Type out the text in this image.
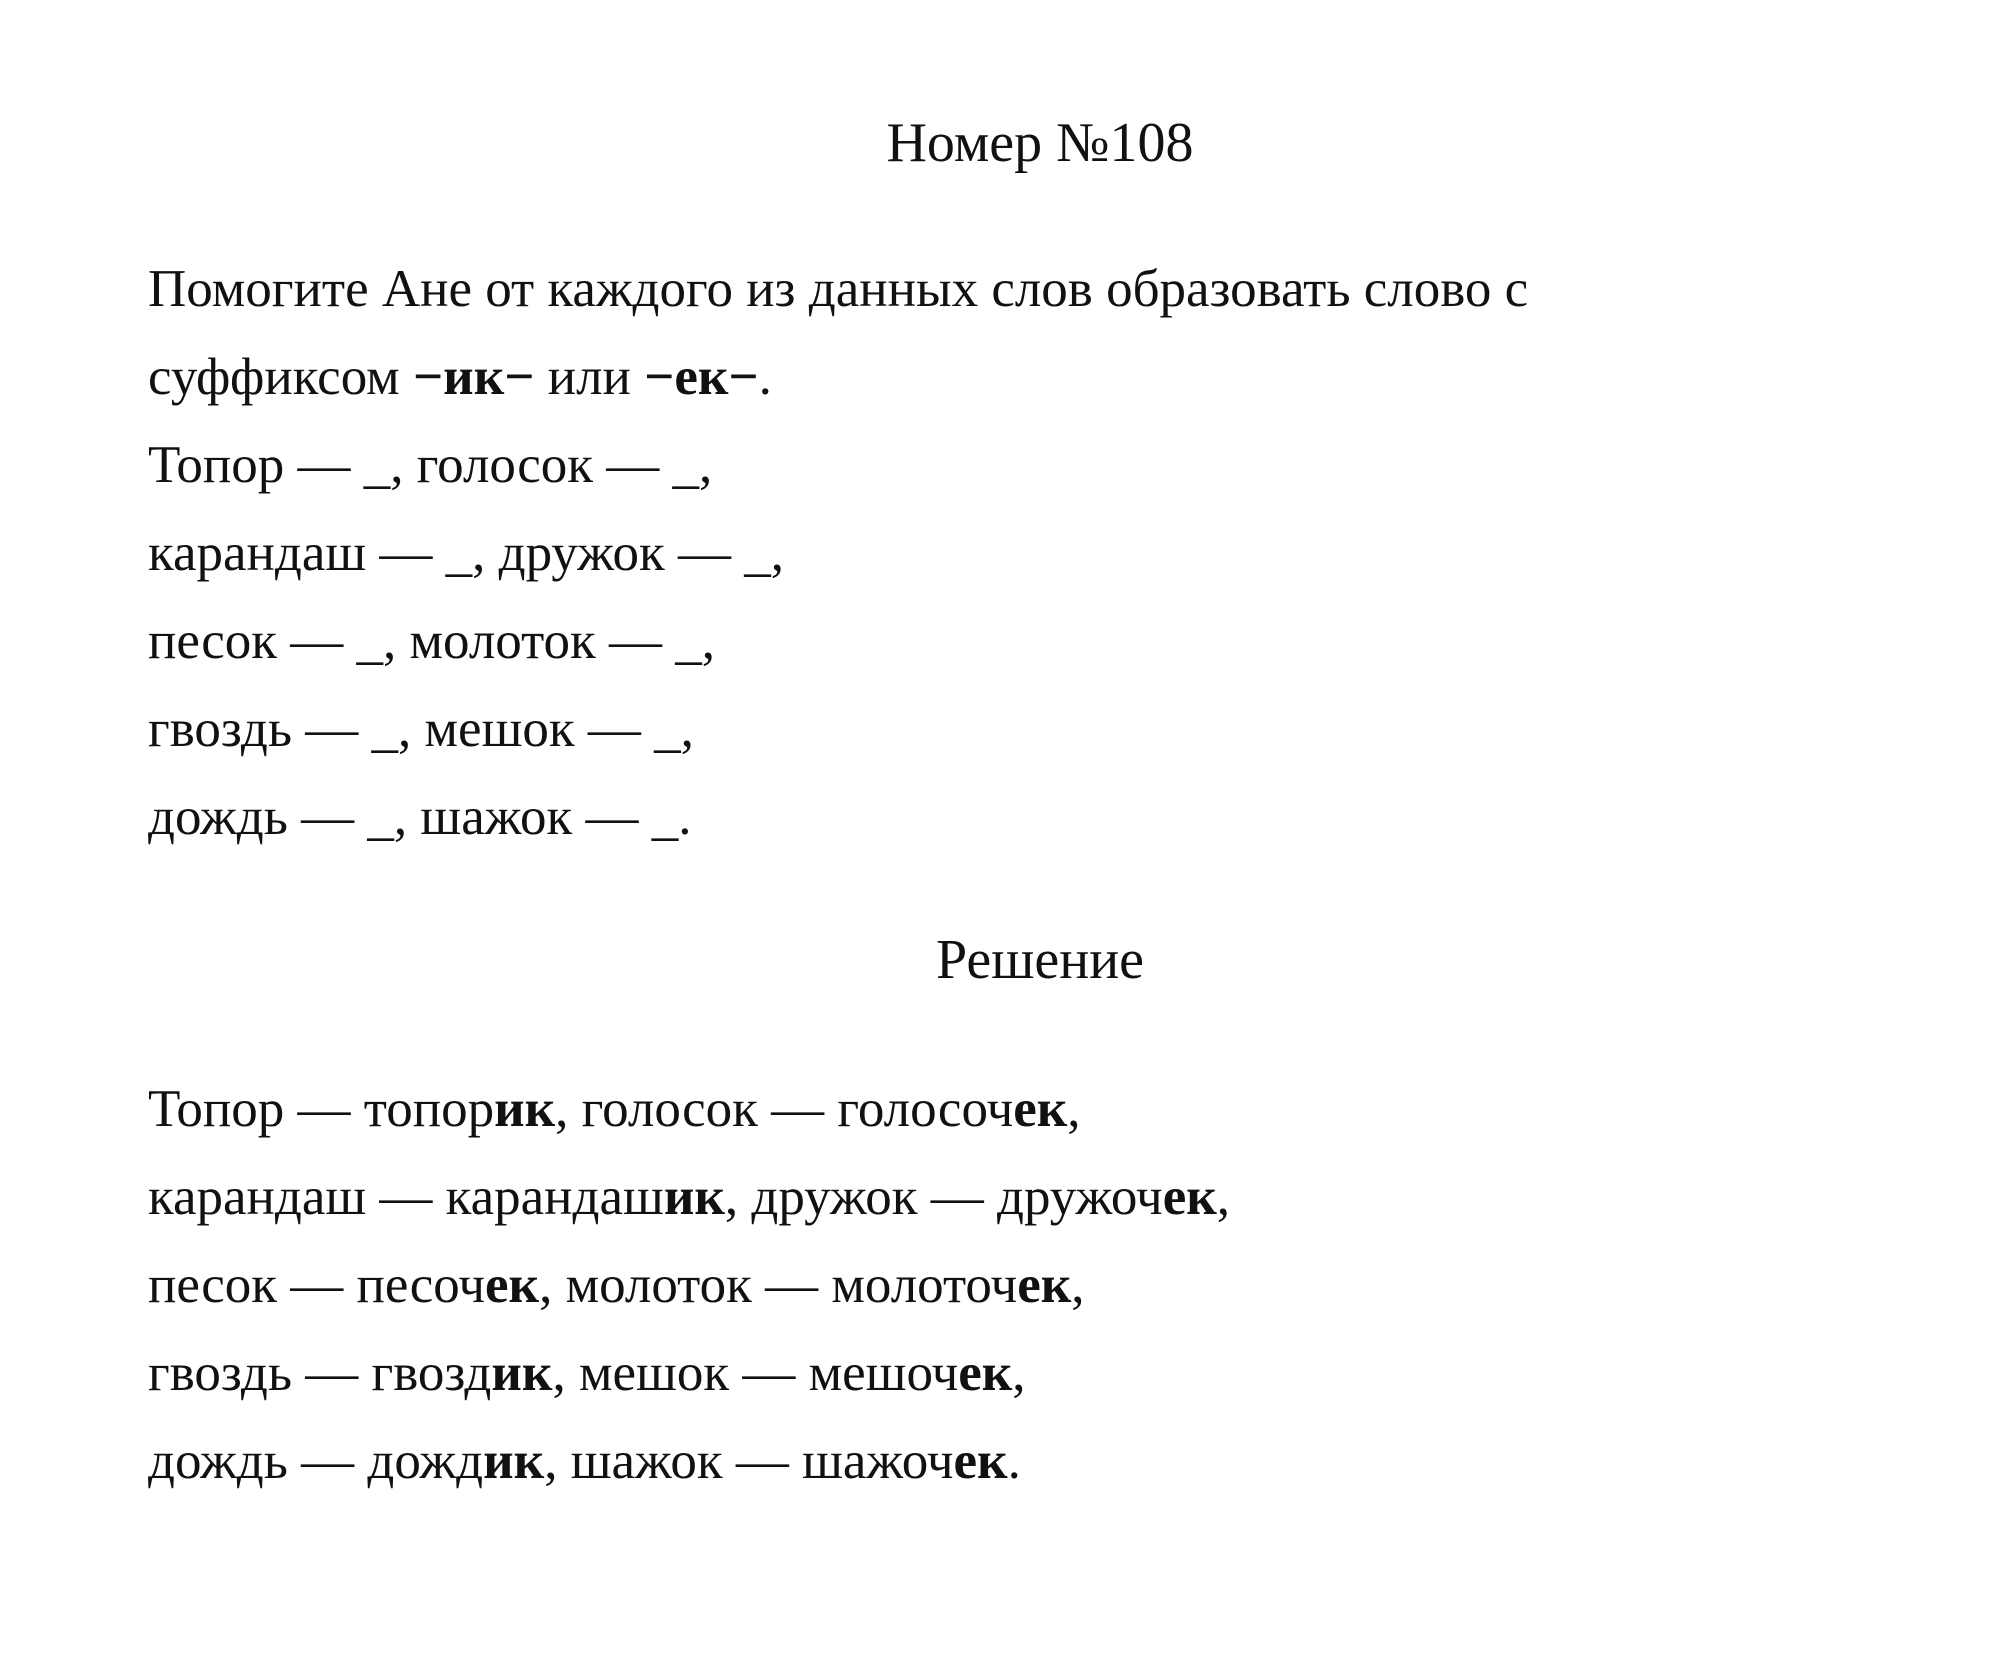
Номер №108
Помогите Ане от каждого из данных слов образовать слово с
суффиксом −ик− или −ек−.
Топор — _, голосок — _,
карандаш — _, дружок — _,
песок — _, молоток — _,
гвоздь — _, мешок — _,
дождь — _, шажок — _.
Решение
Топор — топорик, голосок — голосочек,
карандаш — карандашик, дружок — дружочек,
песок — песочек, молоток — молоточек,
гвоздь — гвоздик, мешок — мешочек,
дождь — дождик, шажок — шажочек.
